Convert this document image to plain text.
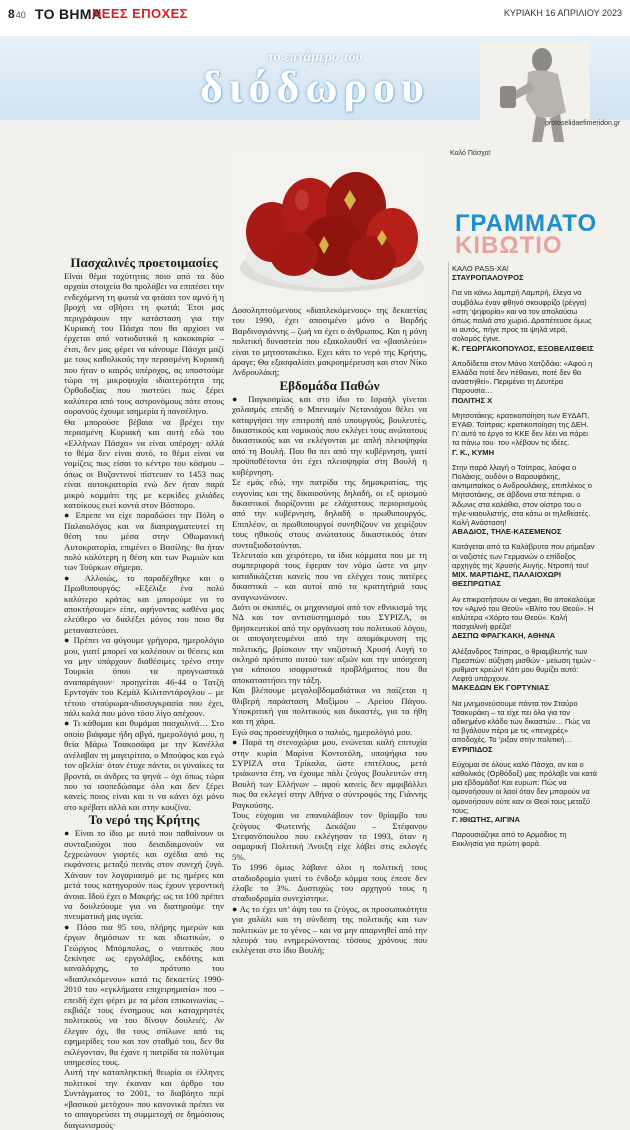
840 ΤΟ ΒΗΜΑ
ΝΕΕΣ ΕΠΟΧΕΣ	ΚΥΡΙΑΚΗ 16 ΑΠΡΙΛΙΟΥ 2023
το επτάμερο του
διόδωρου
protoselidaefimeridon.gr
Καλό Πάσχα!
Πασχαλινές προετοιμασίες

Είναι θέμα ταχύτητας ποιο από τα δύο αρχαία στοιχεία θα προλάβει να επιπέσει την ενδεχόμενη τη φωτιά να φτάσει τον αμνό ή η βροχή να σβήσει τη φωτιά; Έτσι μας περιγράφουν την κατάσταση για την Κυριακή του Πάσχα που θα αρχίσει να έρχεται από νοτιοδυτικά η κακοκαιρία – έτσι, δεν μας φέρει να κάνουμε Πάσχα μαζί με τους καθολικούς την περασμένη Κυριακή που ήταν ο καιρός υπέροχος, ας υποστούμε τώρα τη μικροψυχία ιδιαιτερότητα της Ορθοδοξίας που πιστεύει πως ξέρει καλύτερα από τους αστρονόμους πότε στους ουρανούς έχουμε ισημερία ή πανσέληνο.

Θα μπορούσε βέβαια να βρέχει την περασμένη Κυριακή και αυτή εδώ του «Ελλήνων Πάσχα» να είναι υπέροχη· αλλά το θέμα δεν είναι αυτό, το θέμα είναι να νομίζεις πως είσαι το κέντρο του κόσμου – όπως οι Βυζαντινοί πίστευαν το 1453 πως είναι αυτοκρατορία ενώ δεν ήταν παρά μικρό κομμάτι της με κερκίδες χιλιάδες κατοίκους εκεί κοντά στον Βόσπορο.

● Επρεπε να είχε παραδώσει την Πόλη ο Παλαιολόγος και να διαπραγματευτεί τη θέση του μέσα στην Οθωμανική Αυτοκρατορία, επιμένει ο Βασίλης· θα ήταν πολύ καλύτερη η θέση και των Ρωμιών και των Τούρκων σήμερα.

● Αλλοιώς, το παραδέχθηκε και ο Πρωθυπουργός: «Εξέλιξε ένα πολύ καλύτερο κράτος και μπορούμε να το αποκτήσουμε» είπε, αφήνοντας καθένα μας ελεύθερο να διαλέξει μόνος του ποιο θα μεταναστεύσει.

● Πρέπει να φύγουμε γρήγορα, ημερολόγιο μου, γιατί μπορεί να καλέσουν οι θέσεις και να μην υπάρχουν διαθέσιμες τρένο στην Τουρκία όπου τα προγνωστικά αναπαράγουν· προηγείται 46-44 ο Τατζή Ερντογάν του Κεμάλ Κιλιτσντάρογλου – με τέτοιο σταύρωμα-ιδιοσυγκρασία που έχει, πάλι καλά που μόνο τόσο λίγο απέχουν.

● Τι κάθομαι και θυμάμαι πασχαλινά… Στο οποίο βιάφαμε ήδη αβγά, ημερολόγιό μου, η θεία Μάρω Τσακοσάφα με την Κανέλλα ανέλαβαν τη μαγειρίτσα, ο Μπούφος και εγώ τον οβελία· όταν έτυχε πάντα, οι γυναίκες τα βροντά, οι άνδρες τα ψηνά – όχι όπως τώρα που τα ισοπεδώσαμε όλα και δεν ξέρει κανείς ποιος είναι και τι να κάνει όχι μόνο στο κρέβατι αλλά και στην κουζίνα.

Το νερό της Κρήτης

● Είναι το ίδιο με αυτό που παθαίνουν οι συνταξιούχοι που δεισιδαιμονούν να ξεχρεώνουν γιορτές και σχέδια από τις εκφάνσεις μεταξύ πεινάς στον συνεχή ζυγό. Χάνουν τον λογαριασμό με τις ημέρες και μετά τους κατηγορούν πως έχουν γεροντική άνοια. Ιδού έχει ο Μακρής: ως τα 100 πρέπει να δουλεύουμε για να διατηρούμε την πνευματική μας υγεία.

● Πόσο πια 95 του, πλήρης ημερών και έργων δημόσιων τε και ιδιωτικών, ο Γεώργιος Μπόμπολας, ο ναυτικός που ξεκίνησε ως εργολάβος, εκδότης και καναλάρχης, το πρότυπο του «διαπλεκόμενου» κατά τις δεκαετίες 1990-2010 του «εγκλήματα επιχειρηματία» που – επειδή έχει φέρει με τα μέσα επικοινωνίας – εκβιάζε τους ένσημους και καταχρηστές πολιτικούς να του δίνουν δουλειές. Αν έλεγαν όχι, θα τους σπίλωνε από τις εφημερίδες του και τον σταθμό του, δεν θα εκλέγονταν, θα έχανε η πατρίδα τα πολύτιμα υπηρεσίες τους.

Αυτή την καταπληκτική θεωρία οι έλληνες πολιτικοί την έκαναν και άρθρο του Συντάγματος το 2001, το διαβόητο περί «βασικού μετόχου» που κανονικά πρέπει να το απαγορεύσει τη συμμετοχή σε δημόσιους διαγωνισμούς·

Δοσοληπτούμενους «διαπλεκόμενους» της δεκαετίας του 1990, έχει αποσιμένο μόνο ο Βαρδής Βαρδινογιάννης – ζωή να έχει ο άνθρωπος. Και η μόνη πολιτική δυναστεία που εξακολουθεί να «βασιλεύει» είναι το μητσοτακέικο. Εχει κάτι το νερό της Κρήτης, άραγε; Θα εξασφαλίσει μακροημέρευση και στον Νίκο Ανδρουλάκη;

Εβδομάδα Παθών

● Παγκοσμίως και στο ίδιο το Ισραήλ γίνεται χαλασμός επειδή ο Μπενιαμίν Νετανιάχου θέλει να καταργήσει την επιτροπή από υπουργούς, βουλευτές, δικαστικούς και νομικούς που εκλέγει τους ανώτατους δικαστικούς και να εκλέγονται με απλή πλειοψηφία από τη Βουλή. Που θα πει από την κυβέρνηση, γιατί προϋποθέτοντα ότι έχει πλειοψηφία στη Βουλή η κυβέρνηση.

Σε εμάς εδώ, την πατρίδα της δημοκρατίας, της ευγονίας και της δικαιοσύνης δηλαδή, οι εξ ορισμού δικαστικοί διορίζονται με ελάχιστους περιορισμούς από την κυβέρνηση, δηλαδή ο πρωθυπουργός. Επιπλέον, οι πρωθυπουργοί συνηθίζουν να χειρίζουν τους ηθικούς στους ανώτατους δικαστικούς όταν συνταξιοδοτούνται.

Τελευταίο και χειρότερο, τα ίδια κόμματα που με τη συμπεριφορά τους έφεραν τον νόμο ώστε να μην καταδικάζεται κανείς που να ελέγχει τους πατέρες δικαστικά – και αυτοί από τα κρατητήριά τους αναγνωνώνουν.

Διότι οι σκοπιές, οι μηχανισμοί από τον εθνικισμό της ΝΔ και τον αντισυστημισμό του ΣΥΡΙΖΑ, οι θρησκευτικοί από την οργάνωση του πολιτικού λόγου, οι απογοητευμένοι από την απομάκρυνση της πολιτικής, βρίσκουν την ναζιστική Χρυσή Αυγή το σκληρό πρότυπο αυτού των αξιών και την υπόσχεση για κάποιου ισοφριστικά προβλήματος που θα αποκαταστήσει την τάξη.

Και βλέπουμε μεγαλοβδομαδιάτικα να παίζεται η θλιβερή παράσταση Μαξίμου – Αρείου Πάγου. Υποκριτική για πολιτικούς και δικαστές, για τα ήθη και τη χάρα.

Εγώ σας προσευχήθηκα ο παλιός, ημερολόγιό μου.

● Παρά τη στενοχώρια μου, ενώνεται καλή επιτυχία στην κυρία Μαρίνα Κοντοτόλη, υποψήφια του ΣΥΡΙΖΑ στα Τρίκαλα, ώστε επιτέλους, μετά τριάκοντα έτη, να έχουμε πάλι ζεύγος βουλευτών στη Βουλή των Ελλήνων – αφού κανείς δεν αμφιβάλλει πως θα εκλεγεί στην Αθήνα ο σύντροφός της Γιάννης Ραγκούσης.

Τους εύχομαι να επαναλάβουν τον θρίαμβο του ζεύγους Φωτεινής Δεκάζου – Στέφανου Στεφανόπουλου που εκλέγησαν το 1993, όταν η σαμαρική Πολιτική Άνοιξη είχε λάβει στις εκλογές 5%.

Το 1996 όμως λάβανε όλοι η πολιτική τους σταδιοδρομία γιατί το ένδοξο κόμμα τους έπεσε δεν έλαβε το 3%. Δυστυχώς του αρχηγού τους η σταδιοδρομία συνεχίστηκε.

● Ας το έχει υπ’ όψη του το ζεύγος, οι προσωπικότητα για χαλάλι και τη σύνδεση της πολιτικής και των πολιτικών με το γένος – και να μην απαρνηθεί από την πλευρά του ενημερώνοντας τόσους χρόνους που εκλέγεται στο ίδιο Βουλή;

ΓΡΑΜΜΑΤΟ
ΚΙΒΩΤΙΟ

ΚΑΛΟ PASS-ΧΑ!

ΣΤΑΥΡΟΠΑΛΟΥΡΟΣ

Για να κάνω λαμπρή Λαμπρή, έλεγα να συμβάλω έναν φθηνό σκουφρίζο (ρέγγα) «στη ‘ψηφορία» και να τον απολαύσω όπως παλιά στο χωριό. Δραπέτευσε όμως κι αυτός, πήγε προς τα ψηλά νερά, σολομός έγινε.

Κ. ΓΕΩΡΓΑΚΟΠΟΥΛΟΣ, ΕΞΟΒΕΛΙΣΘΕΙΣ

Αποδίδεται στον Μάνο Χατζιδάκι: «Αφού η Ελλάδα ποτέ δεν πέθαινει, ποτέ δεν θα αναστηθεί». Περιμένει τη Δευτέρα Παρουσία…

ΠΟΛΙΤΗΣ Χ

Μητσοτάκης: κρατικοποίηση των ΕΥΔΑΠ, ΕΥΑΘ. Τσίπρας: κρατικοποίηση της ΔΕΗ. Γι’ αυτό το έργο το ΚΚΕ δεν λέει να πάρει τα πάνω του· του «λέβουν τις ιδέες.

Γ. Κ., ΚΥΜΗ

Στην παρά λλαγή ο Τσίπρας, λούφα ο Πολάκης, ουδόνι ο Βαρουφάκης, αιντιμιπαίκος ο Ανδρουλάκης, επιπλέκος ο Μητσοτάκης, σε άβδονα στα πέπρια. ο Άδωνις στα καλάθια, στον οίστρο του ο τηλε-νιαουλιστής, στα κάτω οι τηλεθεατές. Καλή Ανάσταση!

ΑΒΑΔΙΟΣ, ΤΗΛΕ-ΚΑΣΕΜΕΝΟΣ

Κατάγεται από τα Καλάβρυτα που ρήμαξαν οι ναζιστές των Γερμανών ο επίδοξος αρχηγός της Χρυσής Αυγής. Ντροπή του!

ΜΙΧ. ΜΑΡΤΙΔΗΣ, ΠΑΛΑΙΟΧΩΡΙ ΘΕΣΠΡΩΤΙΑΣ

Αν επικρατήσουν οι vegan, θα αποκαλούμε τον «Αμνό του Θεού» «Βλίτο του Θεού». Η καλύτερα «Χόρτο του Θεού». Καλή πασχαλινή φρέζα!

ΔΕΣΠΩ ΦΡΑΓΚΑΚΗ, ΑΘΗΝΑ

Αλέξανδρος Τσίπρας, ο θριαμβευτής των Πρεσπών: αύξηση μισθών - μείωση τιμών - ρυθμιστ κρεών! Κάτι μου θυμίζει αυτό: Λεφτά υπάρχουν.

ΜΑΚΕΔΩΝ ΕΚ ΓΟΡΤΥΝΙΑΣ

Να μνημονεύσουμε πάντα τον Σταύρο Τσακυράκη – τα είχε πει όλα για τον αδικημένο κλάδο των δικαστών… Πώς να τα βγάλουν πέρα με τις «πενιχρές» αποδοχές. Το ‘ριξαν στην πολιτική…

ΕΥΡΙΠΙΔΟΣ

Εύχομαι σε όλους καλό Πάσχα, αν και ο καθολικός (Ορθόδοξ) μας πρόλαβε ναι κατά μια εβδομάδα! Και ευρωπ: Πώς να ομονοήσουν οι λαοί όταν δεν μπορούν να ομονοήσουν ούτε καν οι Θεοί τους μεταξύ τους;

Γ. ΙΘΙΩΤΗΣ, ΑΙΓΙΝΑ

Παρουσιάζηκε από το Αρμόδιος τη Εκκλησία για πρώτη φορά.
